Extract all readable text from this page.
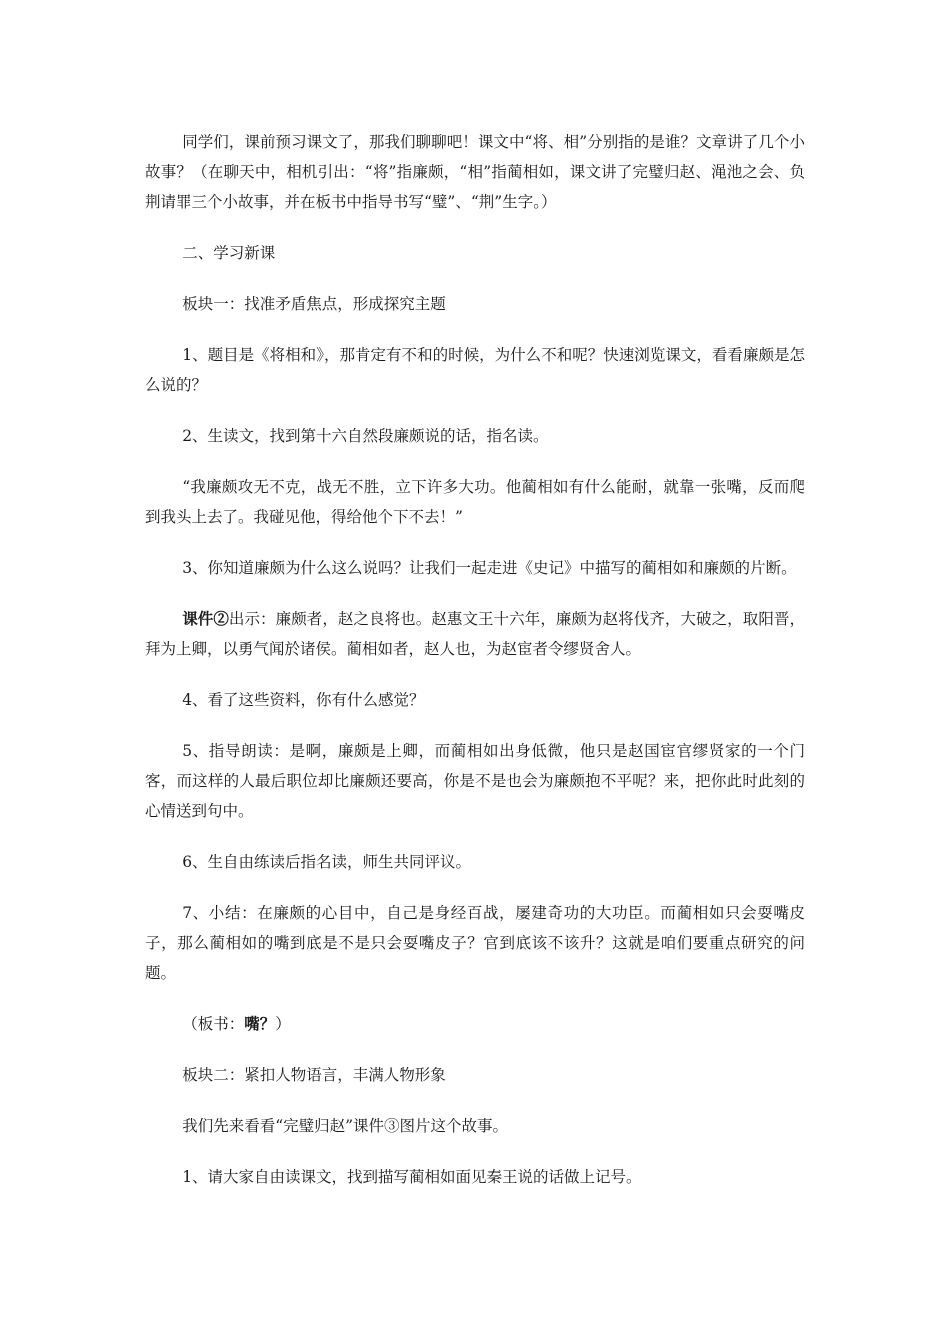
同学们，课前预习课文了，那我们聊聊吧！课文中“将、相”分别指的是谁？文章讲了几个小故事？（在聊天中，相机引出：“将”指廉颇，“相”指蔺相如，课文讲了完璧归赵、渑池之会、负荆请罪三个小故事，并在板书中指导书写“璧”、“荆”生字。）

二、学习新课

板块一：找准矛盾焦点，形成探究主题

1、题目是《将相和》，那肯定有不和的时候，为什么不和呢？快速浏览课文，看看廉颇是怎么说的？

2、生读文，找到第十六自然段廉颇说的话，指名读。

“我廉颇攻无不克，战无不胜，立下许多大功。他蔺相如有什么能耐，就靠一张嘴，反而爬到我头上去了。我碰见他，得给他个下不去！”

3、你知道廉颇为什么这么说吗？让我们一起走进《史记》中描写的蔺相如和廉颇的片断。

课件②出示：廉颇者，赵之良将也。赵惠文王十六年，廉颇为赵将伐齐，大破之，取阳晋，拜为上卿，以勇气闻於诸侯。蔺相如者，赵人也，为赵宦者令缪贤舍人。

4、看了这些资料，你有什么感觉？

5、指导朗读：是啊，廉颇是上卿，而蔺相如出身低微，他只是赵国宦官缪贤家的一个门客，而这样的人最后职位却比廉颇还要高，你是不是也会为廉颇抱不平呢？来，把你此时此刻的心情送到句中。

6、生自由练读后指名读，师生共同评议。

7、小结：在廉颇的心目中，自己是身经百战，屡建奇功的大功臣。而蔺相如只会耍嘴皮子，那么蔺相如的嘴到底是不是只会耍嘴皮子？官到底该不该升？这就是咱们要重点研究的问题。

（板书：嘴？）

板块二：紧扣人物语言，丰满人物形象

我们先来看看“完璧归赵”课件③图片这个故事。

1、请大家自由读课文，找到描写蔺相如面见秦王说的话做上记号。
